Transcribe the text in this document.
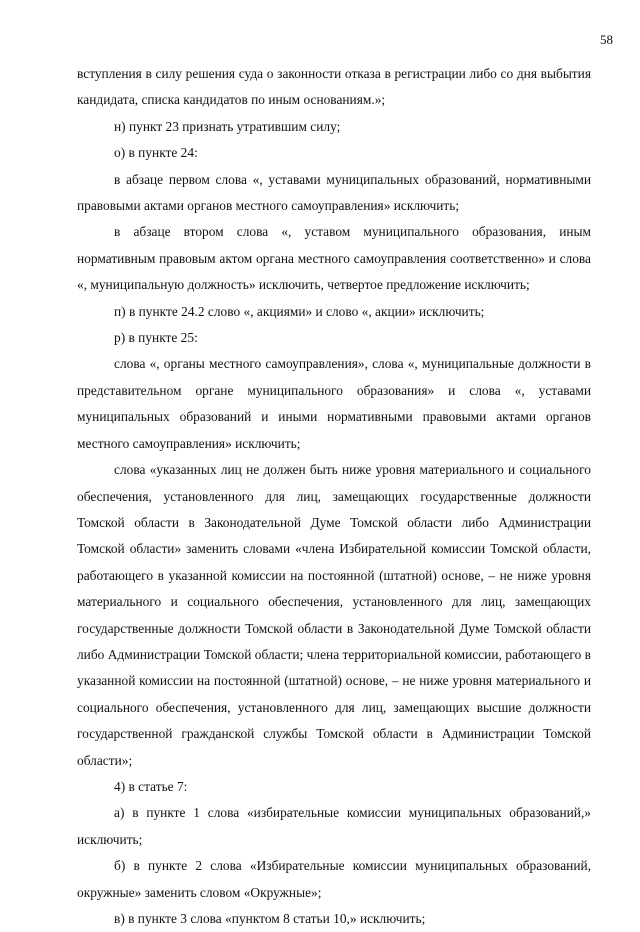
58

вступления в силу решения суда о законности отказа в регистрации либо со дня выбытия кандидата, списка кандидатов по иным основаниям.»;

н) пункт 23 признать утратившим силу;

о) в пункте 24:

в абзаце первом слова «, уставами муниципальных образований, нормативными правовыми актами органов местного самоуправления» исключить;

в абзаце втором слова «, уставом муниципального образования, иным нормативным правовым актом органа местного самоуправления соответственно» и слова «, муниципальную должность» исключить, четвертое предложение исключить;

п) в пункте 24.2 слово «, акциями» и слово «, акции» исключить;

р) в пункте 25:

слова «, органы местного самоуправления», слова «, муниципальные должности в представительном органе муниципального образования» и слова «, уставами муниципальных образований и иными нормативными правовыми актами органов местного самоуправления» исключить;

слова «указанных лиц не должен быть ниже уровня материального и социального обеспечения, установленного для лиц, замещающих государственные должности Томской области в Законодательной Думе Томской области либо Администрации Томской области» заменить словами «члена Избирательной комиссии Томской области, работающего в указанной комиссии на постоянной (штатной) основе, – не ниже уровня материального и социального обеспечения, установленного для лиц, замещающих государственные должности Томской области в Законодательной Думе Томской области либо Администрации Томской области; члена территориальной комиссии, работающего в указанной комиссии на постоянной (штатной) основе, – не ниже уровня материального и социального обеспечения, установленного для лиц, замещающих высшие должности государственной гражданской службы Томской области в Администрации Томской области»;

4) в статье 7:

а) в пункте 1 слова «избирательные комиссии муниципальных образований,» исключить;

б) в пункте 2 слова «Избирательные комиссии муниципальных образований, окружные» заменить словом «Окружные»;

в) в пункте 3 слова «пунктом 8 статьи 10,» исключить;
